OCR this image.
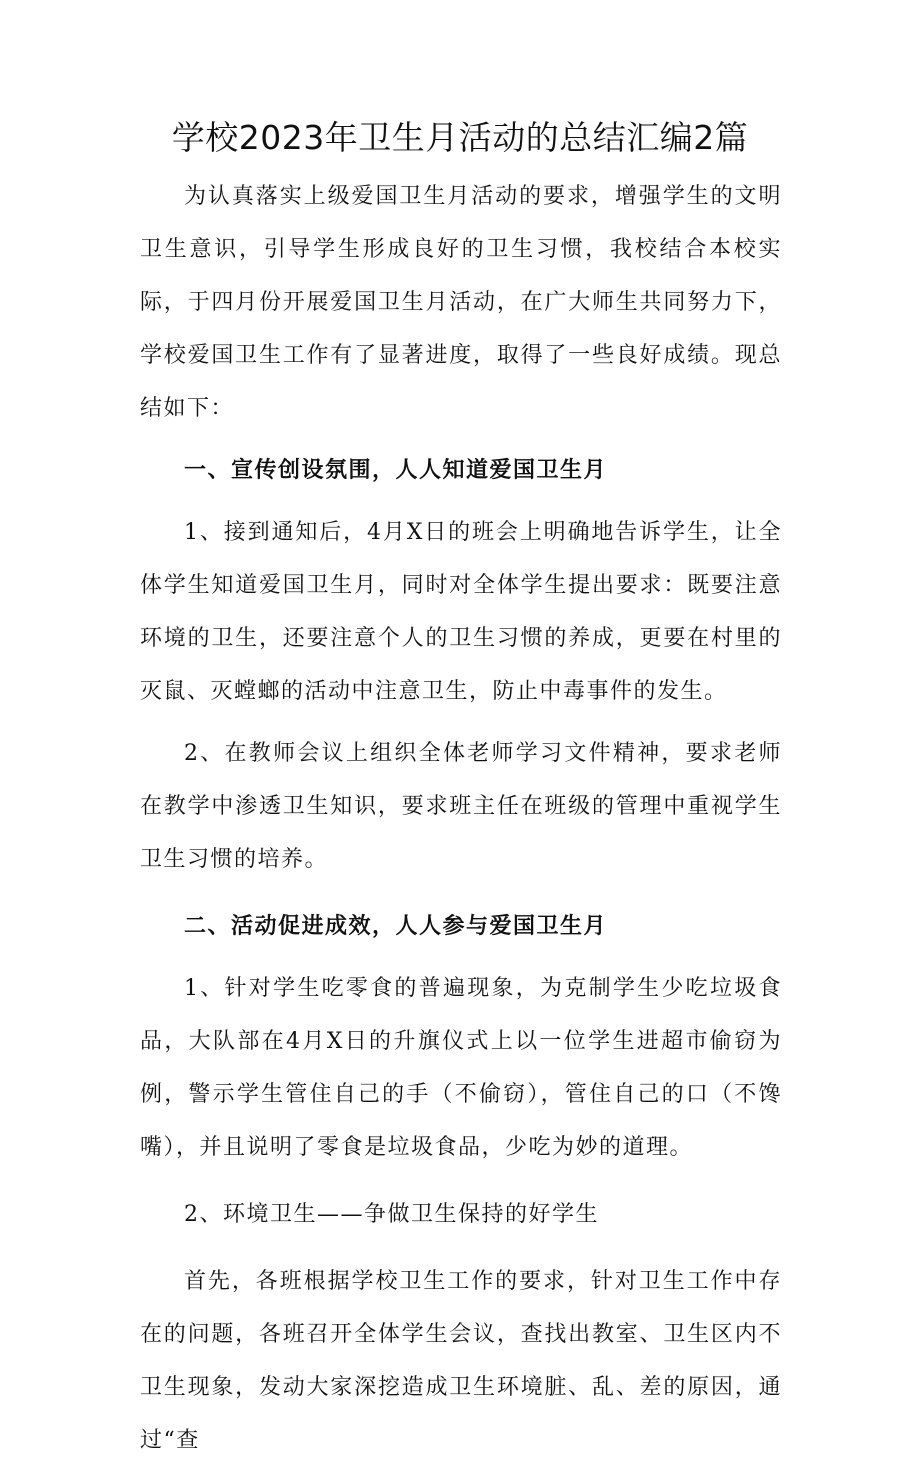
学校2023年卫生月活动的总结汇编2篇

为认真落实上级爱国卫生月活动的要求，增强学生的文明卫生意识，引导学生形成良好的卫生习惯，我校结合本校实际，于四月份开展爱国卫生月活动，在广大师生共同努力下，学校爱国卫生工作有了显著进度，取得了一些良好成绩。现总结如下：

一、宣传创设氛围，人人知道爱国卫生月

1、接到通知后，4月X日的班会上明确地告诉学生，让全体学生知道爱国卫生月，同时对全体学生提出要求：既要注意环境的卫生，还要注意个人的卫生习惯的养成，更要在村里的灭鼠、灭螳螂的活动中注意卫生，防止中毒事件的发生。

2、在教师会议上组织全体老师学习文件精神，要求老师在教学中渗透卫生知识，要求班主任在班级的管理中重视学生卫生习惯的培养。

二、活动促进成效，人人参与爱国卫生月

1、针对学生吃零食的普遍现象，为克制学生少吃垃圾食品，大队部在4月X日的升旗仪式上以一位学生进超市偷窃为例，警示学生管住自己的手（不偷窃），管住自己的口（不馋嘴），并且说明了零食是垃圾食品，少吃为妙的道理。

2、环境卫生——争做卫生保持的好学生

首先，各班根据学校卫生工作的要求，针对卫生工作中存在的问题，各班召开全体学生会议，查找出教室、卫生区内不卫生现象，发动大家深挖造成卫生环境脏、乱、差的原因，通过“查
